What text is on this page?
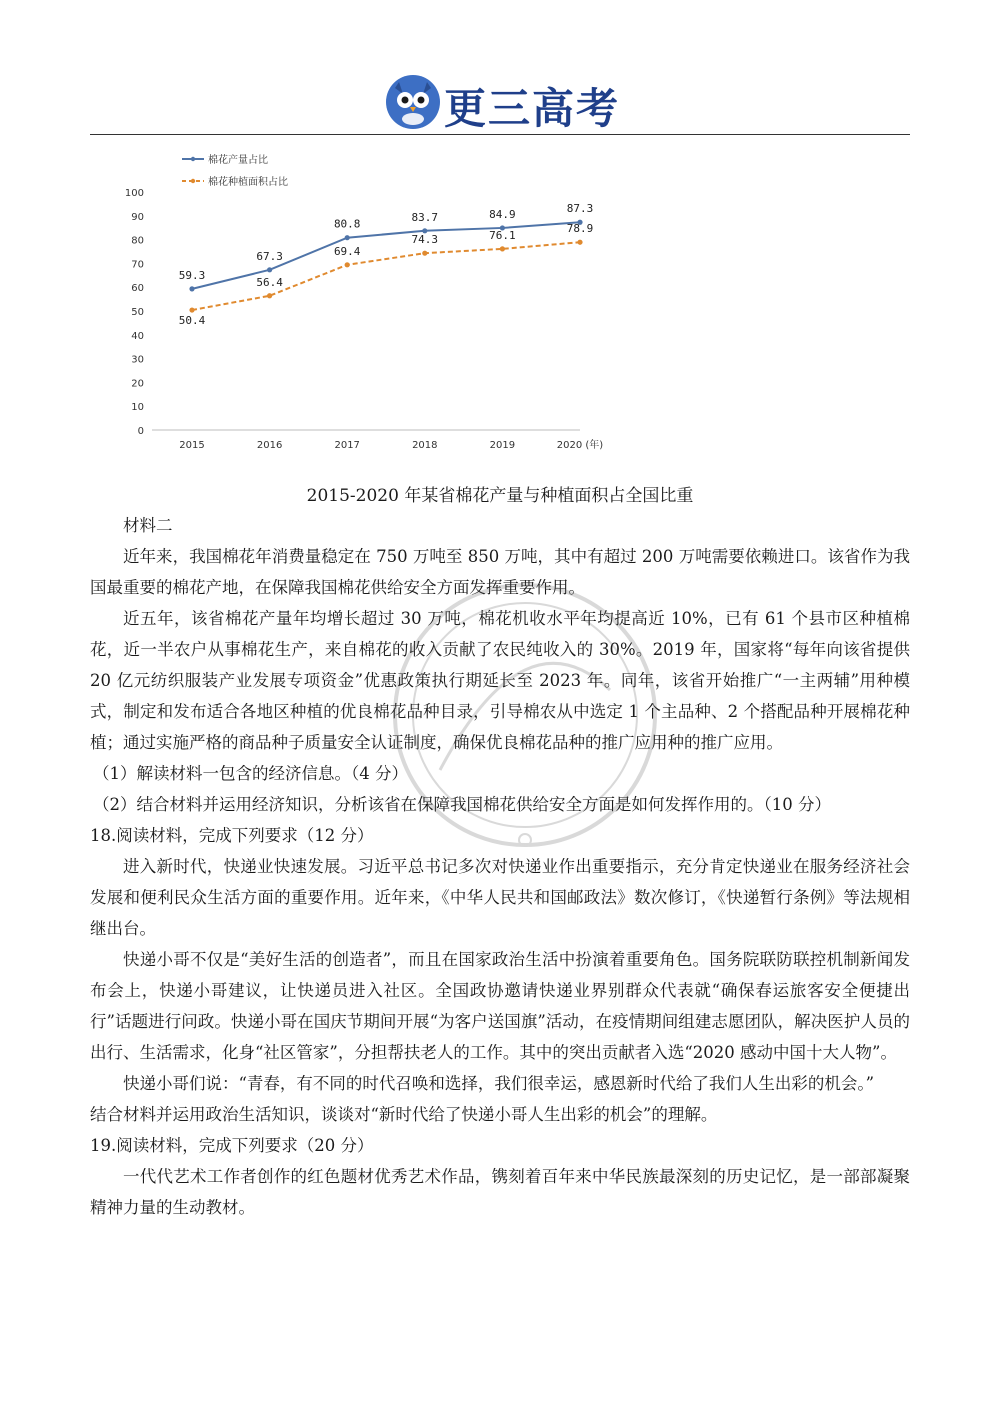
更三高考
0
10
20
30
40
50
60
70
80
90
100
2015	2016	2017	2018	2019	2020 (年)
棉花产量占比
棉花种植面积占比
59.3
67.3
80.8
83.7	84.9	87.3
50.4
56.4
69.4
74.3	76.1
78.9
2015-2020 年某省棉花产量与种植面积占全国比重

材料二

近年来，我国棉花年消费量稳定在 750 万吨至 850 万吨，其中有超过 200 万吨需要依赖进口。该省作为我国最重要的棉花产地，在保障我国棉花供给安全方面发挥重要作用。

近五年，该省棉花产量年均增长超过 30 万吨，棉花机收水平年均提高近 10%，已有 61 个县市区种植棉花，近一半农户从事棉花生产，来自棉花的收入贡献了农民纯收入的 30%。2019 年，国家将“每年向该省提供 20 亿元纺织服装产业发展专项资金”优惠政策执行期延长至 2023 年。同年，该省开始推广“一主两辅”用种模式，制定和发布适合各地区种植的优良棉花品种目录，引导棉农从中选定 1 个主品种、2 个搭配品种开展棉花种植；通过实施严格的商品种子质量安全认证制度，确保优良棉花品种的推广应用种的推广应用。

（1）解读材料一包含的经济信息。（4 分）

（2）结合材料并运用经济知识，分析该省在保障我国棉花供给安全方面是如何发挥作用的。（10 分）

18.阅读材料，完成下列要求（12 分）

进入新时代，快递业快速发展。习近平总书记多次对快递业作出重要指示，充分肯定快递业在服务经济社会发展和便利民众生活方面的重要作用。近年来，《中华人民共和国邮政法》数次修订，《快递暂行条例》等法规相继出台。

快递小哥不仅是“美好生活的创造者”，而且在国家政治生活中扮演着重要角色。国务院联防联控机制新闻发布会上，快递小哥建议，让快递员进入社区。全国政协邀请快递业界别群众代表就“确保春运旅客安全便捷出行”话题进行问政。快递小哥在国庆节期间开展“为客户送国旗”活动，在疫情期间组建志愿团队，解决医护人员的出行、生活需求，化身“社区管家”，分担帮扶老人的工作。其中的突出贡献者入选“2020 感动中国十大人物”。

快递小哥们说：“青春，有不同的时代召唤和选择，我们很幸运，感恩新时代给了我们人生出彩的机会。”

结合材料并运用政治生活知识，谈谈对“新时代给了快递小哥人生出彩的机会”的理解。

19.阅读材料，完成下列要求（20 分）

一代代艺术工作者创作的红色题材优秀艺术作品，镌刻着百年来中华民族最深刻的历史记忆，是一部部凝聚精神力量的生动教材。
